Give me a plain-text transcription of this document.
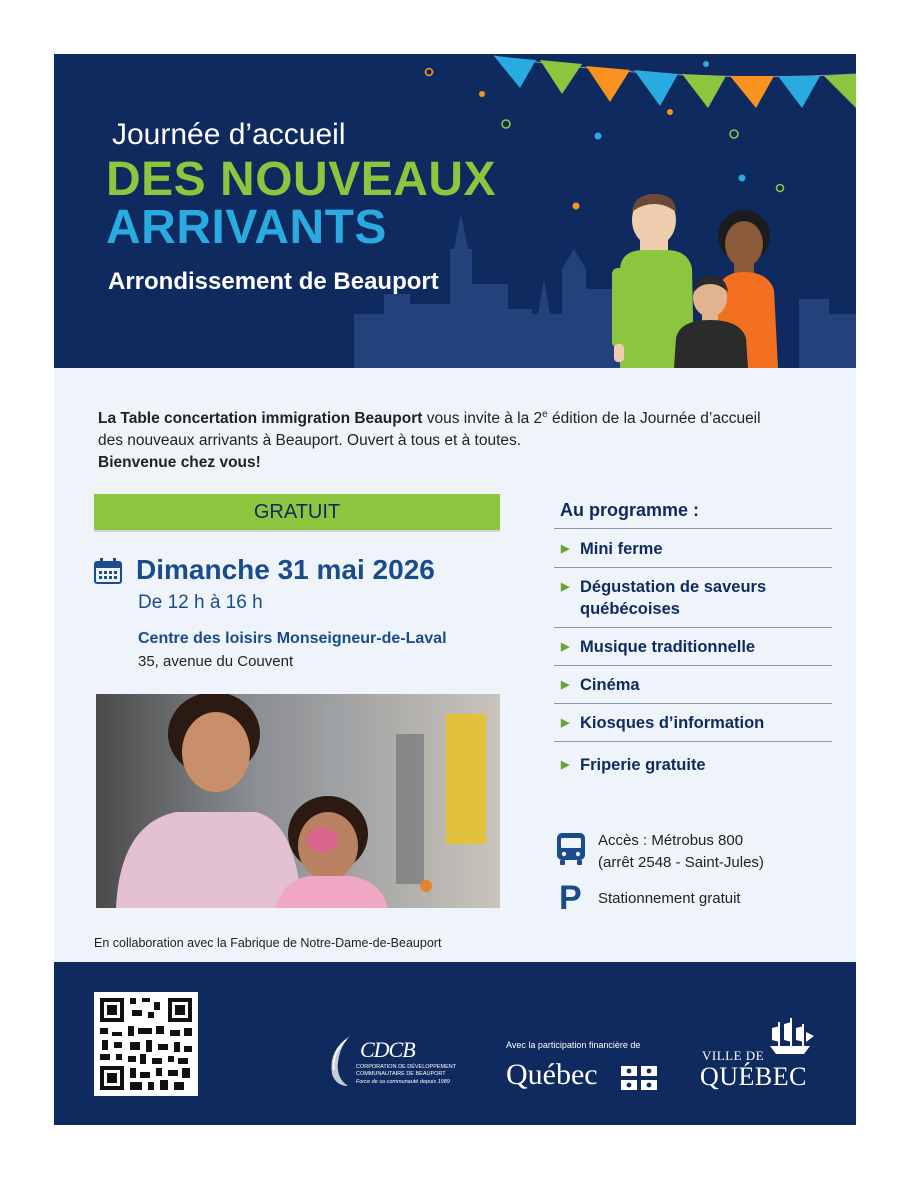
Journée d’accueil
DES NOUVEAUX
ARRIVANTS
Arrondissement de Beauport
La Table concertation immigration Beauport vous invite à la 2e édition de la Journée d’accueil des nouveaux arrivants à Beauport. Ouvert à tous et à toutes.
Bienvenue chez vous!
GRATUIT
Dimanche 31 mai 2026
De 12 h à 16 h
Centre des loisirs Monseigneur-de-Laval
35, avenue du Couvent
En collaboration avec la Fabrique de Notre-Dame-de-Beauport
Au programme :
▶ Mini ferme
▶ Dégustation de saveurs
québécoises
▶ Musique traditionnelle
▶ Cinéma
▶ Kiosques d’information
▶ Friperie gratuite
Accès : Métrobus 800
(arrêt 2548 - Saint-Jules)
P Stationnement gratuit
CDCB
CORPORATION DE DÉVELOPPEMENT
COMMUNAUTAIRE DE BEAUPORT
Force de sa communauté depuis 1989
Avec la participation financière de
Québec
VILLE DE
QUÉBEC
